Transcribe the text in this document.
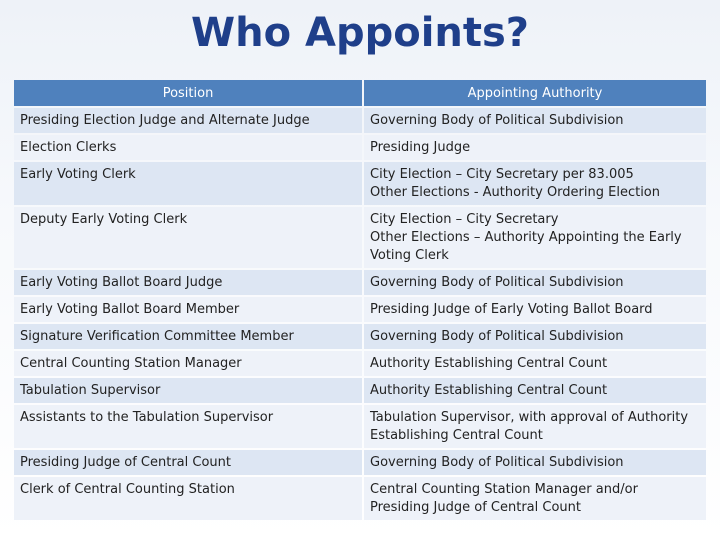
Who Appoints?
Position	Appointing Authority
Presiding Election Judge and Alternate Judge	Governing Body of Political Subdivision

Election Clerks	Presiding Judge

Early Voting Clerk	City Election – City Secretary per 83.005
Other Elections - Authority Ordering Election

Deputy Early Voting Clerk	City Election – City Secretary
Other Elections – Authority Appointing the Early Voting Clerk

Early Voting Ballot Board Judge	Governing Body of Political Subdivision

Early Voting Ballot Board Member	Presiding Judge of Early Voting Ballot Board

Signature Verification Committee Member	Governing Body of Political Subdivision

Central Counting Station Manager	Authority Establishing Central Count

Tabulation Supervisor	Authority Establishing Central Count

Assistants to the Tabulation Supervisor	Tabulation Supervisor, with approval of Authority Establishing Central Count

Presiding Judge of Central Count	Governing Body of Political Subdivision

Clerk of Central Counting Station	Central Counting Station Manager and/or Presiding Judge of Central Count
